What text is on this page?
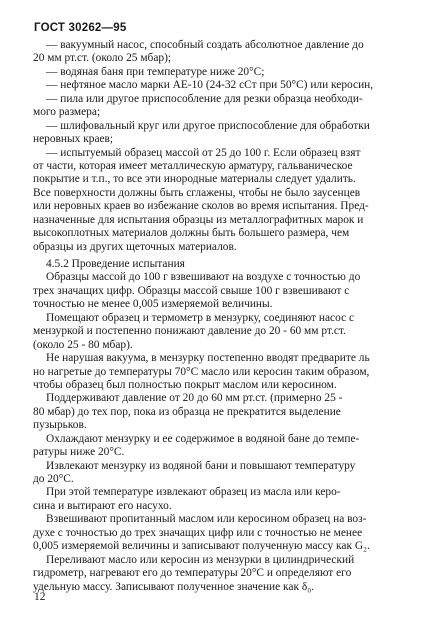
ГОСТ 30262—95
— вакуумный насос, способный создать абсолютное давление до
20 мм рт.ст. (около 25 мбар);
— водяная баня при температуре ниже 20°С;
— нефтяное масло марки АЕ-10 (24-32 сСт при 50°С) или керосин,
— пила или другое приспособление для резки образца необходи-
мого размера;
— шлифовальный круг или другое приспособление для обработки
неровных краев;
— испытуемый образец массой от 25 до 100 г. Если образец взят
от части, которая имеет металлическую арматуру, гальваническое
покрытие и т.п., то все эти инородные материалы следует удалить.
Все поверхности должны быть сглажены, чтобы не было заусенцев
или неровных краев во избежание сколов во время испытания. Пред-
назначенные для испытания образцы из металлографитных марок и
высокоплотных материалов должны быть большего размера, чем
образцы из других щеточных материалов.
4.5.2 Проведение испытания
Образцы массой до 100 г взвешивают на воздухе с точностью до
трех значащих цифр. Образцы массой свыше 100 г взвешивают с
точностью не менее 0,005 измеряемой величины.
Помещают образец и термометр в мензурку, соединяют насос с
мензуркой и постепенно понижают давление до 20 - 60 мм рт.ст.
(около 25 - 80 мбар).
Не нарушая вакуума, в мензурку постепенно вводят предварите ль
но нагретые до температуры 70°С масло или керосин таким образом,
чтобы образец был полностью покрыт маслом или керосином.
Поддерживают давление от 20 до 60 мм рт.ст. (примерно 25 -
80 мбар) до тех пор, пока из образца не прекратится выделение
пузырьков.
Охлаждают мензурку и ее содержимое в водяной бане до темпе-
ратуры ниже 20°С.
Извлекают мензурку из водяной бани и повышают температуру
до 20°С.
При этой температуре извлекают образец из масла или керо-
сина и вытирают его насухо.
Взвешивают пропитанный маслом или керосином образец на воз-
духе с точностью до трех значащих цифр или с точностью не менее
0,005 измеряемой величины и записывают полученную массу как G₂.
Переливают масло или керосин из мензурки в цилиндрический
гидрометр, нагревают его до температуры 20°С и определяют его
удельную массу. Записывают полученное значение как δ₀.
12
